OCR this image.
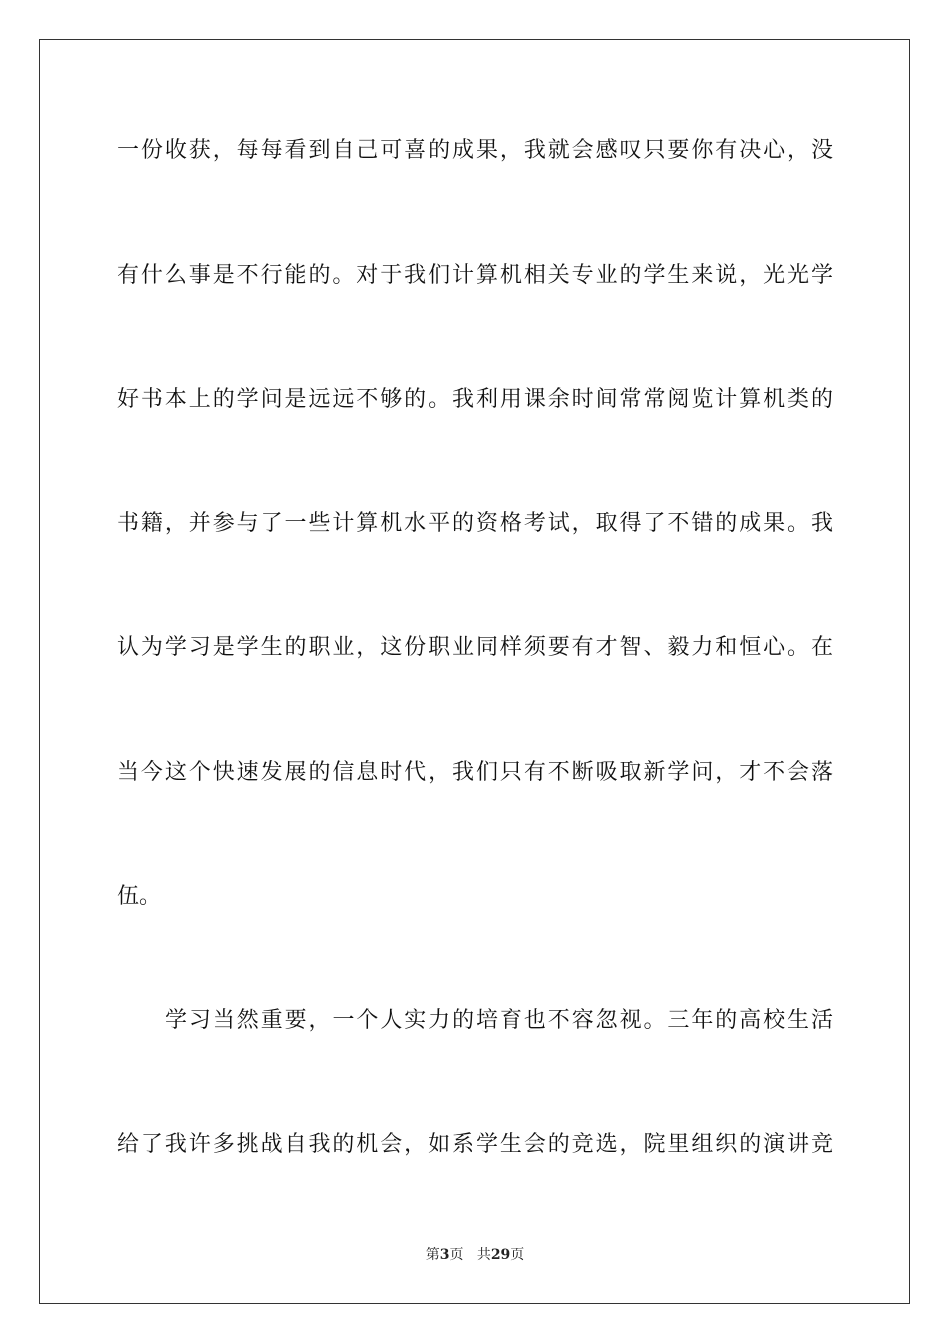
一份收获，每每看到自己可喜的成果，我就会感叹只要你有决心，没
有什么事是不行能的。对于我们计算机相关专业的学生来说，光光学
好书本上的学问是远远不够的。我利用课余时间常常阅览计算机类的
书籍，并参与了一些计算机水平的资格考试，取得了不错的成果。我
认为学习是学生的职业，这份职业同样须要有才智、毅力和恒心。在
当今这个快速发展的信息时代，我们只有不断吸取新学问，才不会落
伍。
学习当然重要，一个人实力的培育也不容忽视。三年的高校生活
给了我许多挑战自我的机会，如系学生会的竞选，院里组织的演讲竞
第3页 共29页
